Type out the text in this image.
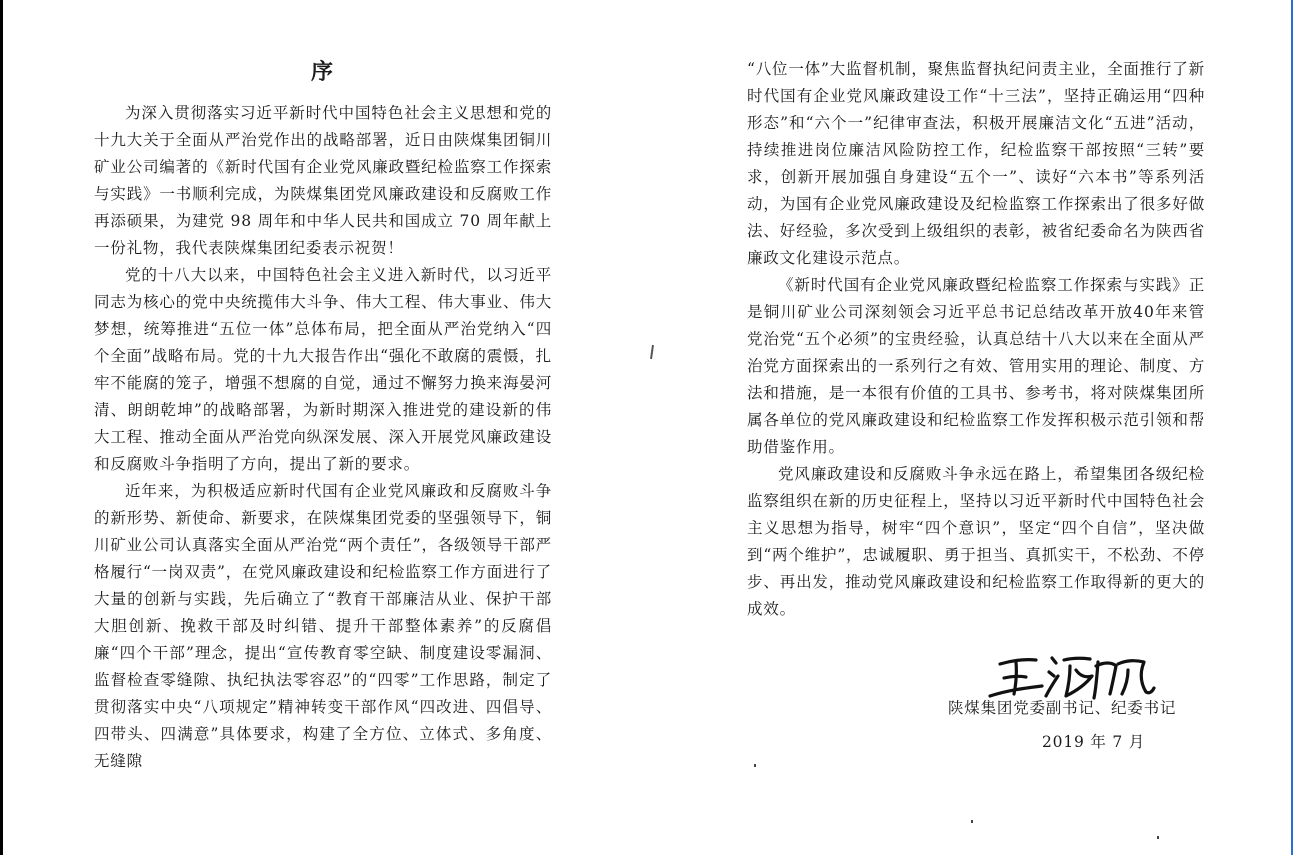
序

为深入贯彻落实习近平新时代中国特色社会主义思想和党的十九大关于全面从严治党作出的战略部署，近日由陕煤集团铜川矿业公司编著的《新时代国有企业党风廉政暨纪检监察工作探索与实践》一书顺利完成，为陕煤集团党风廉政建设和反腐败工作再添硕果，为建党 98 周年和中华人民共和国成立 70 周年献上一份礼物，我代表陕煤集团纪委表示祝贺！

党的十八大以来，中国特色社会主义进入新时代，以习近平同志为核心的党中央统揽伟大斗争、伟大工程、伟大事业、伟大梦想，统筹推进“五位一体”总体布局，把全面从严治党纳入“四个全面”战略布局。党的十九大报告作出“强化不敢腐的震慑，扎牢不能腐的笼子，增强不想腐的自觉，通过不懈努力换来海晏河清、朗朗乾坤”的战略部署，为新时期深入推进党的建设新的伟大工程、推动全面从严治党向纵深发展、深入开展党风廉政建设和反腐败斗争指明了方向，提出了新的要求。

近年来，为积极适应新时代国有企业党风廉政和反腐败斗争的新形势、新使命、新要求，在陕煤集团党委的坚强领导下，铜川矿业公司认真落实全面从严治党“两个责任”，各级领导干部严格履行“一岗双责”，在党风廉政建设和纪检监察工作方面进行了大量的创新与实践，先后确立了“教育干部廉洁从业、保护干部大胆创新、挽救干部及时纠错、提升干部整体素养”的反腐倡廉“四个干部”理念，提出“宣传教育零空缺、制度建设零漏洞、监督检查零缝隙、执纪执法零容忍”的“四零”工作思路，制定了贯彻落实中央“八项规定”精神转变干部作风“四改进、四倡导、四带头、四满意”具体要求，构建了全方位、立体式、多角度、无缝隙

“八位一体”大监督机制，聚焦监督执纪问责主业，全面推行了新时代国有企业党风廉政建设工作“十三法”，坚持正确运用“四种形态”和“六个一”纪律审查法，积极开展廉洁文化“五进”活动，持续推进岗位廉洁风险防控工作，纪检监察干部按照“三转”要求，创新开展加强自身建设“五个一”、读好“六本书”等系列活动，为国有企业党风廉政建设及纪检监察工作探索出了很多好做法、好经验，多次受到上级组织的表彰，被省纪委命名为陕西省廉政文化建设示范点。

《新时代国有企业党风廉政暨纪检监察工作探索与实践》正是铜川矿业公司深刻领会习近平总书记总结改革开放40年来管党治党“五个必须”的宝贵经验，认真总结十八大以来在全面从严治党方面探索出的一系列行之有效、管用实用的理论、制度、方法和措施，是一本很有价值的工具书、参考书，将对陕煤集团所属各单位的党风廉政建设和纪检监察工作发挥积极示范引领和帮助借鉴作用。

党风廉政建设和反腐败斗争永远在路上，希望集团各级纪检监察组织在新的历史征程上，坚持以习近平新时代中国特色社会主义思想为指导，树牢“四个意识”，坚定“四个自信”，坚决做到“两个维护”，忠诚履职、勇于担当、真抓实干，不松劲、不停步、再出发，推动党风廉政建设和纪检监察工作取得新的更大的成效。

陕煤集团党委副书记、纪委书记
2019 年 7 月
